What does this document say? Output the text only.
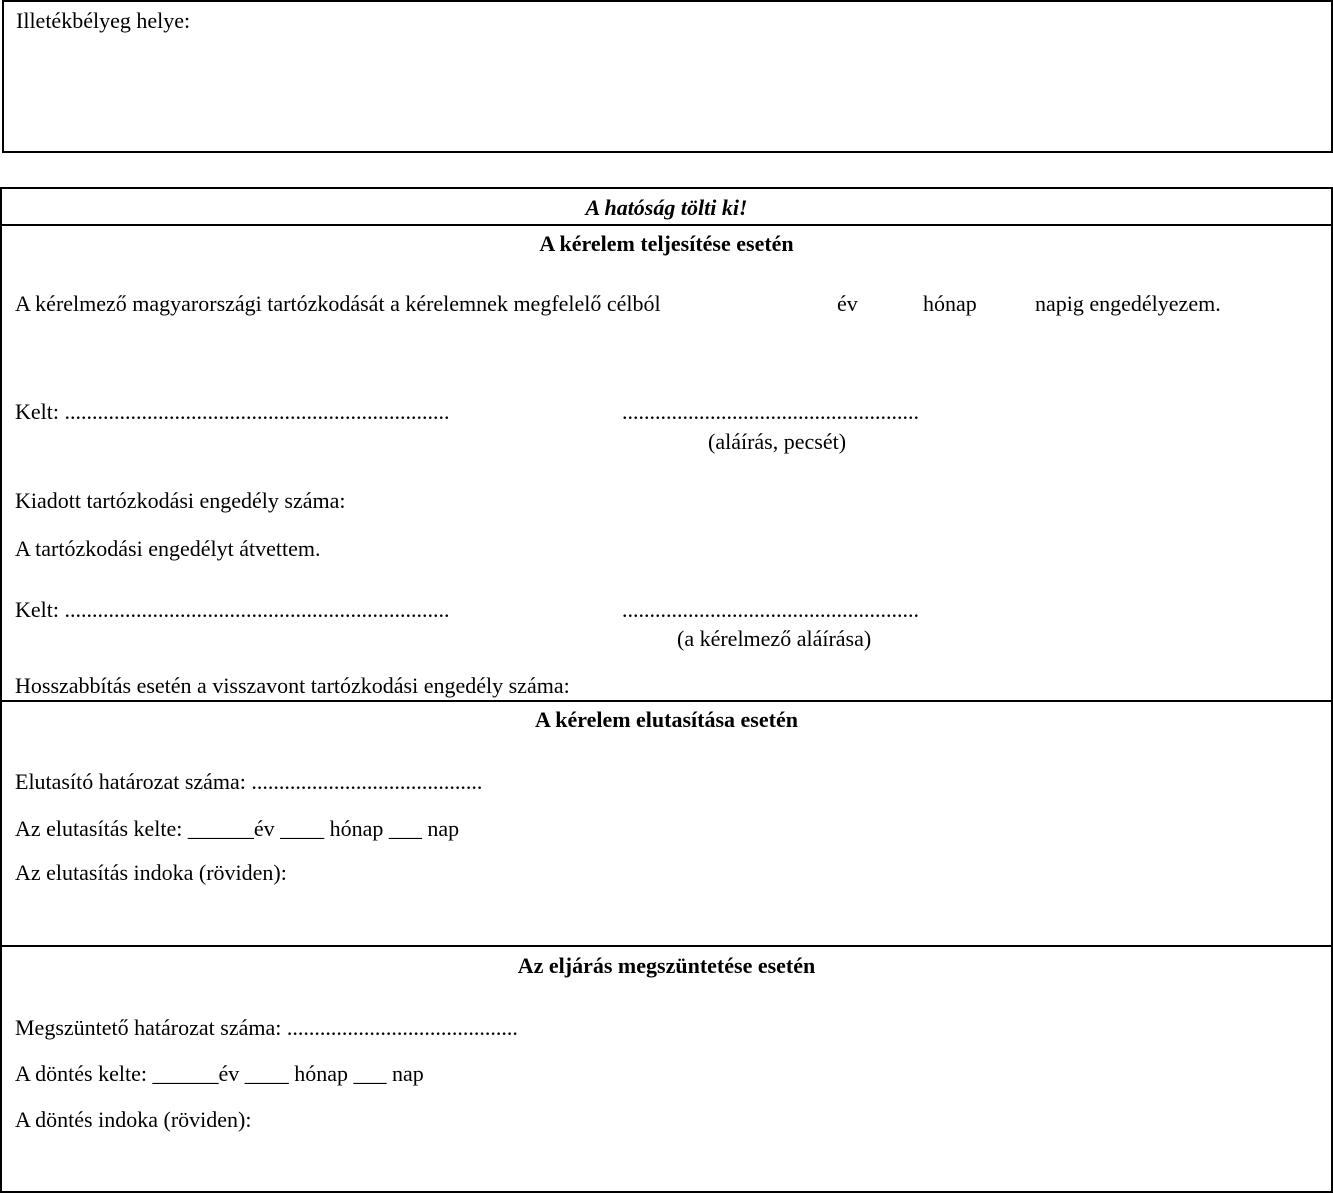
Illetékbélyeg helye:
A hatóság tölti ki!
A kérelem teljesítése esetén
A kérelmező magyarországi tartózkodását a kérelemnek megfelelő célból	év	hónap	napig engedélyezem.
Kelt: ......................................................................	......................................................
(aláírás, pecsét)
Kiadott tartózkodási engedély száma:
A tartózkodási engedélyt átvettem.
Kelt: ......................................................................	......................................................
(a kérelmező aláírása)
Hosszabbítás esetén a visszavont tartózkodási engedély száma:
A kérelem elutasítása esetén
Elutasító határozat száma: ..........................................
Az elutasítás kelte: ______év ____ hónap ___ nap
Az elutasítás indoka (röviden):
Az eljárás megszüntetése esetén
Megszüntető határozat száma: ..........................................
A döntés kelte: ______év ____ hónap ___ nap
A döntés indoka (röviden):
